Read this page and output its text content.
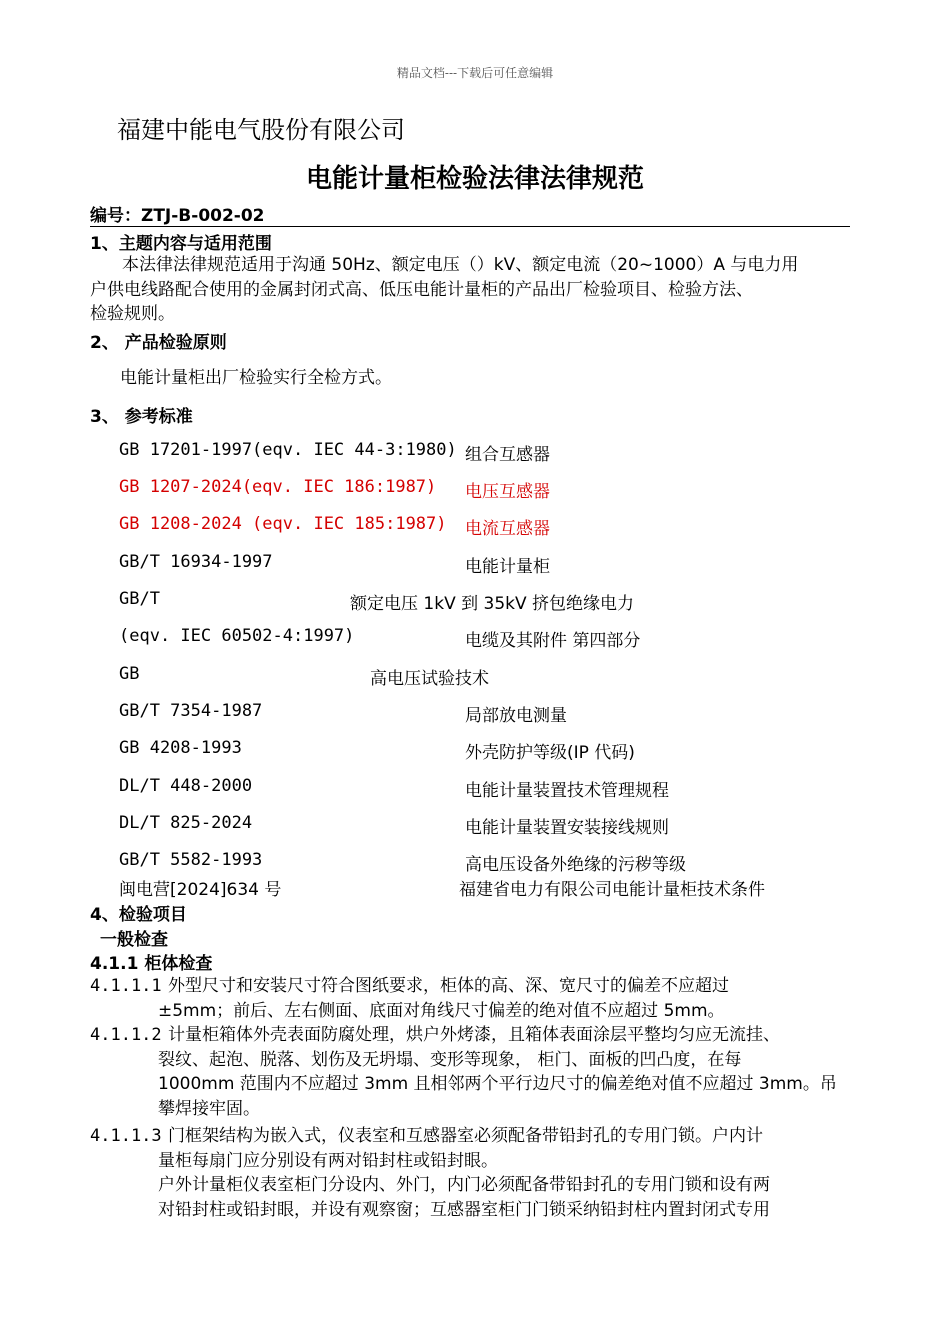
精品文档---下载后可任意编辑
福建中能电气股份有限公司
电能计量柜检验法律法律规范
编号：ZTJ-B-002-02
1、主题内容与适用范围
本法律法律规范适用于沟通 50Hz、额定电压（）kV、额定电流（20~1000）A 与电力用
户供电线路配合使用的金属封闭式高、低压电能计量柜的产品出厂检验项目、检验方法、
检验规则。
2、 产品检验原则
电能计量柜出厂检验实行全检方式。
3、 参考标准
GB 17201-1997(eqv. IEC 44-3:1980) 组合互感器
GB 1207-2024(eqv. IEC 186:1987) 电压互感器
GB 1208-2024 (eqv. IEC 185:1987) 电流互感器
GB/T 16934-1997	电能计量柜
GB/T	额定电压 1kV 到 35kV 挤包绝缘电力
(eqv. IEC 60502-4:1997)	电缆及其附件 第四部分
GB	高电压试验技术
GB/T 7354-1987	局部放电测量
GB 4208-1993	外壳防护等级(IP 代码)
DL/T 448-2000	电能计量装置技术管理规程
DL/T 825-2024	电能计量装置安装接线规则
GB/T 5582-1993	高电压设备外绝缘的污秽等级
闽电营[2024]634 号	福建省电力有限公司电能计量柜技术条件
4、检验项目
一般检查
4.1.1 柜体检查
4.1.1.1 外型尺寸和安装尺寸符合图纸要求，柜体的高、深、宽尺寸的偏差不应超过
±5mm；前后、左右侧面、底面对角线尺寸偏差的绝对值不应超过 5mm。
4.1.1.2 计量柜箱体外壳表面防腐处理，烘户外烤漆，且箱体表面涂层平整均匀应无流挂、
裂纹、起泡、脱落、划伤及无坍塌、变形等现象， 柜门、面板的凹凸度，在每
1000mm 范围内不应超过 3mm 且相邻两个平行边尺寸的偏差绝对值不应超过 3mm。吊
攀焊接牢固。
4.1.1.3 门框架结构为嵌入式，仪表室和互感器室必须配备带铅封孔的专用门锁。户内计
量柜每扇门应分别设有两对铅封柱或铅封眼。
户外计量柜仪表室柜门分设内、外门，内门必须配备带铅封孔的专用门锁和设有两
对铅封柱或铅封眼，并设有观察窗；互感器室柜门门锁采纳铅封柱内置封闭式专用
